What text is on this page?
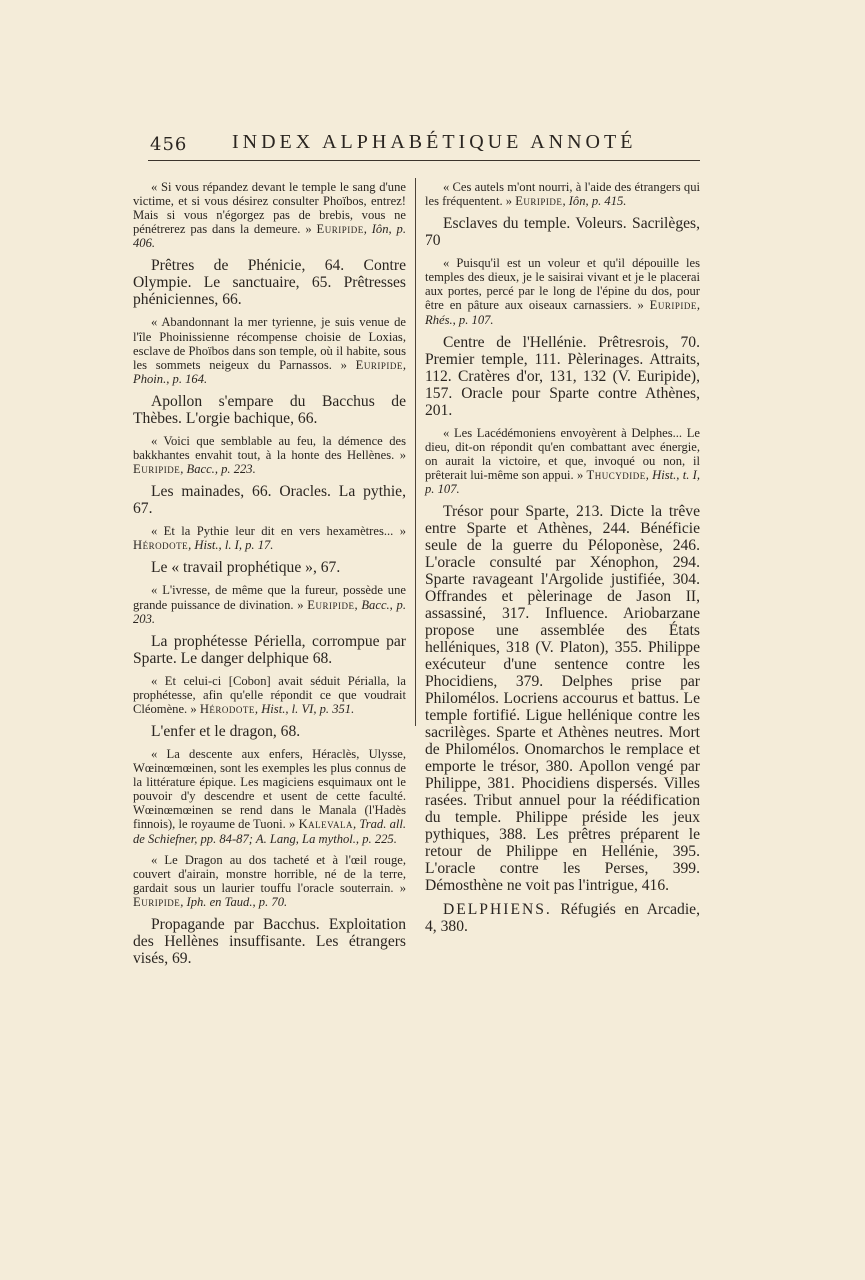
456 INDEX ALPHABÉTIQUE ANNOTÉ

« Si vous répandez devant le temple le sang d'une victime, et si vous désirez consulter Phoïbos, entrez! Mais si vous n'égorgez pas de brebis, vous ne pénétrerez pas dans la demeure. » Euripide, Iôn, p. 406.

Prêtres de Phénicie, 64. Contre Olympie. Le sanctuaire, 65. Prêtresses phéniciennes, 66.

« Abandonnant la mer tyrienne, je suis venue de l'île Phoinissienne récompense choisie de Loxias, esclave de Phoïbos dans son temple, où il habite, sous les sommets neigeux du Parnassos. » Euripide, Phoin., p. 164.

Apollon s'empare du Bacchus de Thèbes. L'orgie bachique, 66.

« Voici que semblable au feu, la démence des bakkhantes envahit tout, à la honte des Hellènes. » Euripide, Bacc., p. 223.

Les mainades, 66. Oracles. La pythie, 67.

« Et la Pythie leur dit en vers hexamètres... » Hérodote, Hist., l. I, p. 17.

Le « travail prophétique », 67.

« L'ivresse, de même que la fureur, possède une grande puissance de divination. » Euripide, Bacc., p. 203.

La prophétesse Périella, corrompue par Sparte. Le danger delphique 68.

« Et celui-ci [Cobon] avait séduit Périalla, la prophétesse, afin qu'elle répondit ce que voudrait Cléomène. » Hérodote, Hist., l. VI, p. 351.

L'enfer et le dragon, 68.

« La descente aux enfers, Héraclès, Ulysse, Wœinœmœinen, sont les exemples les plus connus de la littérature épique. Les magiciens esquimaux ont le pouvoir d'y descendre et usent de cette faculté. Wœinœmœinen se rend dans le Manala (l'Hadès finnois), le royaume de Tuoni. » Kalevala, Trad. all. de Schiefner, pp. 84-87; A. Lang, La mythol., p. 225.

« Le Dragon au dos tacheté et à l'œil rouge, couvert d'airain, monstre horrible, né de la terre, gardait sous un laurier touffu l'oracle souterrain. » Euripide, Iph. en Taud., p. 70.

Propagande par Bacchus. Exploitation des Hellènes insuffisante. Les étrangers visés, 69.

« Ces autels m'ont nourri, à l'aide des étrangers qui les fréquentent. » Euripide, Iôn, p. 415.

Esclaves du temple. Voleurs. Sacrilèges, 70

« Puisqu'il est un voleur et qu'il dépouille les temples des dieux, je le saisirai vivant et je le placerai aux portes, percé par le long de l'épine du dos, pour être en pâture aux oiseaux carnassiers. » Euripide, Rhés., p. 107.

Centre de l'Hellénie. Prêtresrois, 70. Premier temple, 111. Pèlerinages. Attraits, 112. Cratères d'or, 131, 132 (V. Euripide), 157. Oracle pour Sparte contre Athènes, 201.

« Les Lacédémoniens envoyèrent à Delphes... Le dieu, dit-on répondit qu'en combattant avec énergie, on aurait la victoire, et que, invoqué ou non, il prêterait lui-même son appui. » Thucydide, Hist., t. I, p. 107.

Trésor pour Sparte, 213. Dicte la trêve entre Sparte et Athènes, 244. Bénéficie seule de la guerre du Péloponèse, 246. L'oracle consulté par Xénophon, 294. Sparte ravageant l'Argolide justifiée, 304. Offrandes et pèlerinage de Jason II, assassiné, 317. Influence. Ariobarzane propose une assemblée des États helléniques, 318 (V. Platon), 355. Philippe exécuteur d'une sentence contre les Phocidiens, 379. Delphes prise par Philomélos. Locriens accourus et battus. Le temple fortifié. Ligue hellénique contre les sacrilèges. Sparte et Athènes neutres. Mort de Philomélos. Onomarchos le remplace et emporte le trésor, 380. Apollon vengé par Philippe, 381. Phocidiens dispersés. Villes rasées. Tribut annuel pour la réédification du temple. Philippe préside les jeux pythiques, 388. Les prêtres préparent le retour de Philippe en Hellénie, 395. L'oracle contre les Perses, 399. Démosthène ne voit pas l'intrigue, 416.

DELPHIENS. Réfugiés en Arcadie, 4, 380.
